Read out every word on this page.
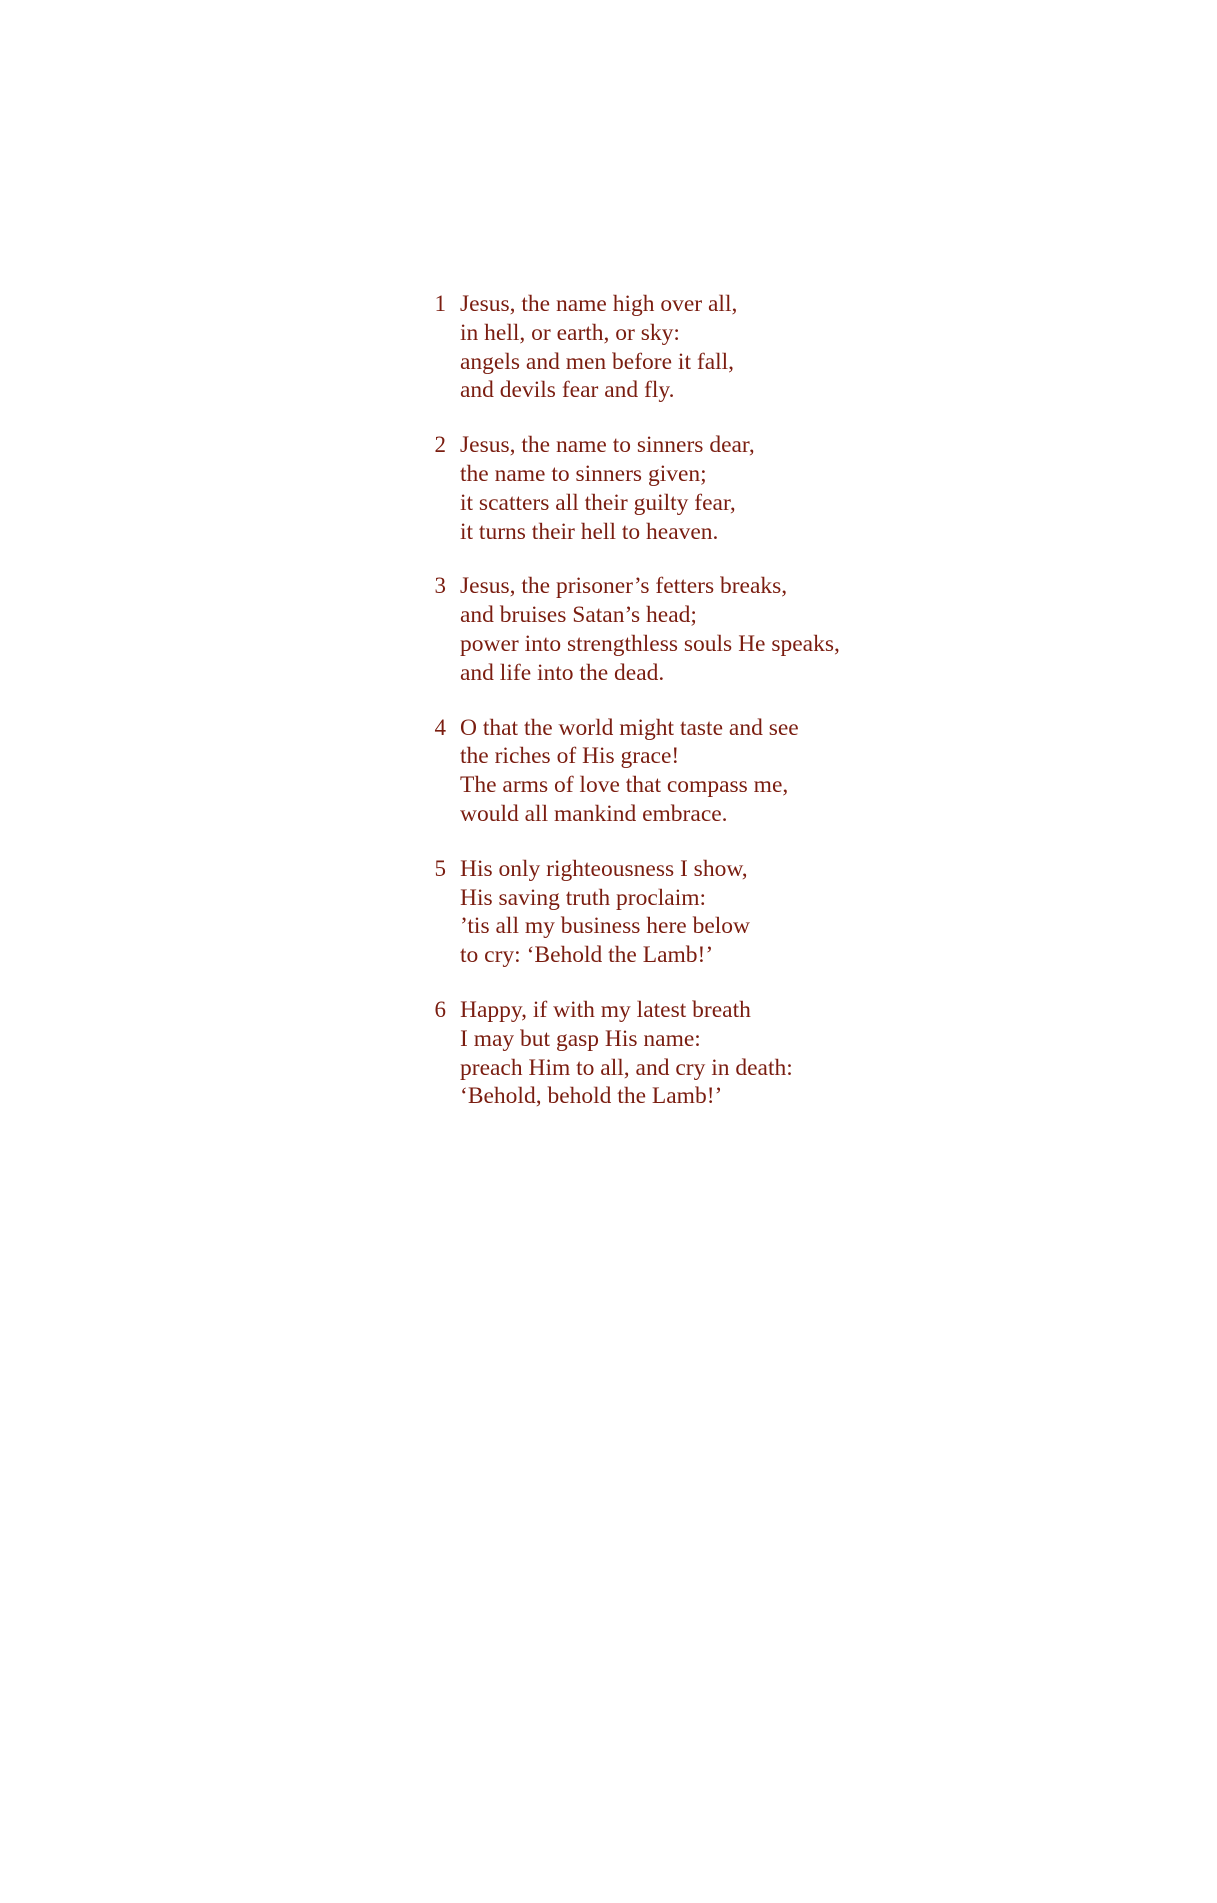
1 Jesus, the name high over all,
in hell, or earth, or sky:
angels and men before it fall,
and devils fear and fly.
2 Jesus, the name to sinners dear,
the name to sinners given;
it scatters all their guilty fear,
it turns their hell to heaven.
3 Jesus, the prisoner’s fetters breaks,
and bruises Satan’s head;
power into strengthless souls He speaks,
and life into the dead.
4 O that the world might taste and see
the riches of His grace!
The arms of love that compass me,
would all mankind embrace.
5 His only righteousness I show,
His saving truth proclaim:
’tis all my business here below
to cry: ‘Behold the Lamb!’
6 Happy, if with my latest breath
I may but gasp His name:
preach Him to all, and cry in death:
‘Behold, behold the Lamb!’
